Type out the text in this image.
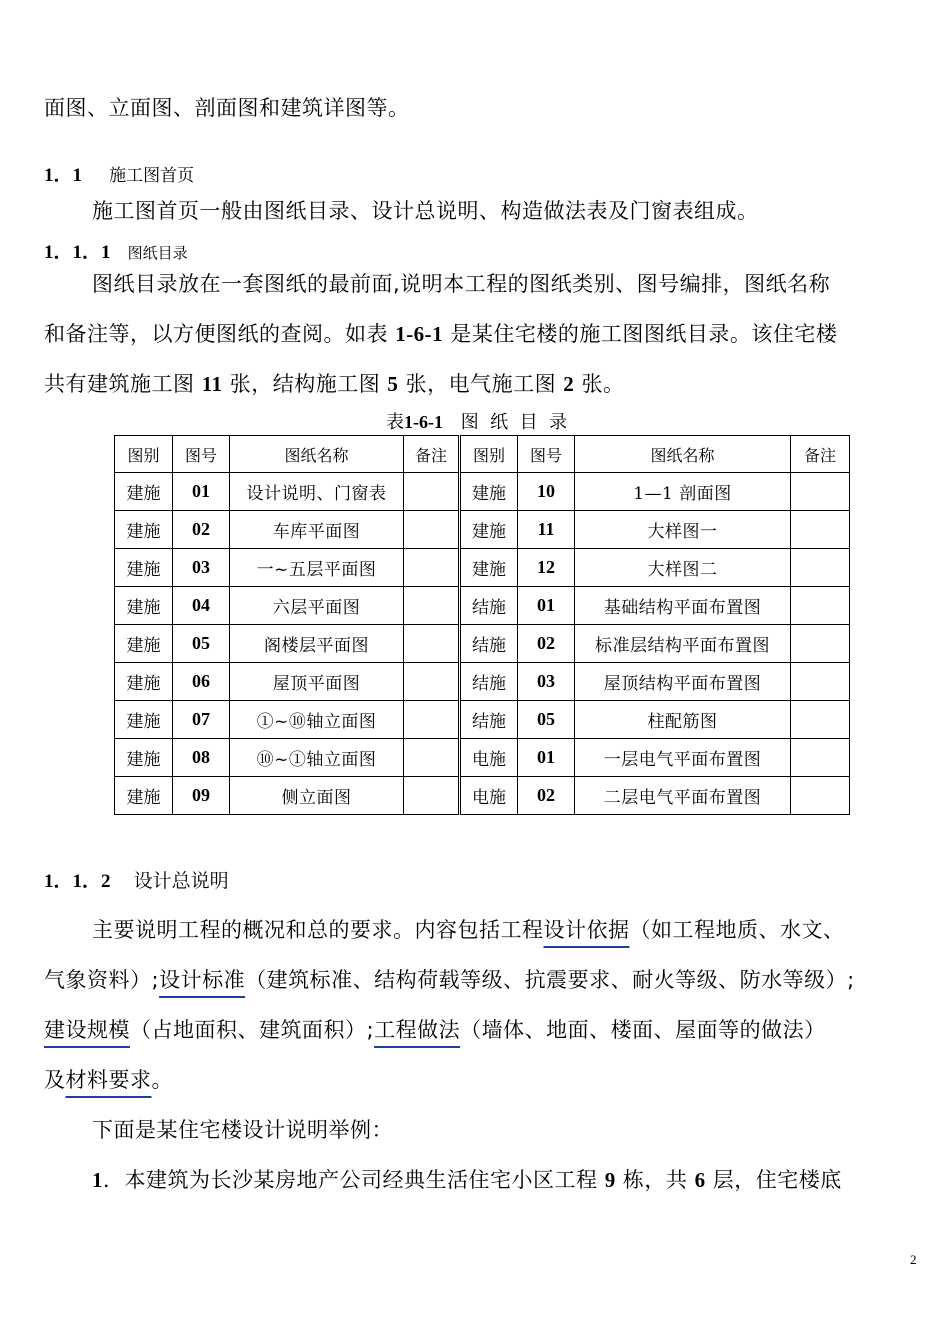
面图、立面图、剖面图和建筑详图等。
1．1 施工图首页
施工图首页一般由图纸目录、设计总说明、构造做法表及门窗表组成。
1．1．1 图纸目录
图纸目录放在一套图纸的最前面,说明本工程的图纸类别、图号编排，图纸名称
和备注等，以方便图纸的查阅。如表 1-6-1 是某住宅楼的施工图图纸目录。该住宅楼
共有建筑施工图 11 张，结构施工图 5 张，电气施工图 2 张。
表1-6-1 图  纸  目  录
图别	图号	图纸名称	备注	图别	图号	图纸名称	备注
建施	01	设计说明、门窗表		建施	10	1—1 剖面图	
建施	02	车库平面图		建施	11	大样图一	
建施	03	一~五层平面图		建施	12	大样图二	
建施	04	六层平面图		结施	01	基础结构平面布置图	
建施	05	阁楼层平面图		结施	02	标准层结构平面布置图	
建施	06	屋顶平面图		结施	03	屋顶结构平面布置图	
建施	07	①~⑩轴立面图		结施	05	柱配筋图	
建施	08	⑩~①轴立面图		电施	01	一层电气平面布置图	
建施	09	侧立面图		电施	02	二层电气平面布置图	
1．1．2 设计总说明
主要说明工程的概况和总的要求。内容包括工程设计依据（如工程地质、水文、
气象资料）;设计标准（建筑标准、结构荷载等级、抗震要求、耐火等级、防水等级）;
建设规模（占地面积、建筑面积）;工程做法（墙体、地面、楼面、屋面等的做法）
及材料要求。
下面是某住宅楼设计说明举例：
1．本建筑为长沙某房地产公司经典生活住宅小区工程 9 栋，共 6 层，住宅楼底
2
